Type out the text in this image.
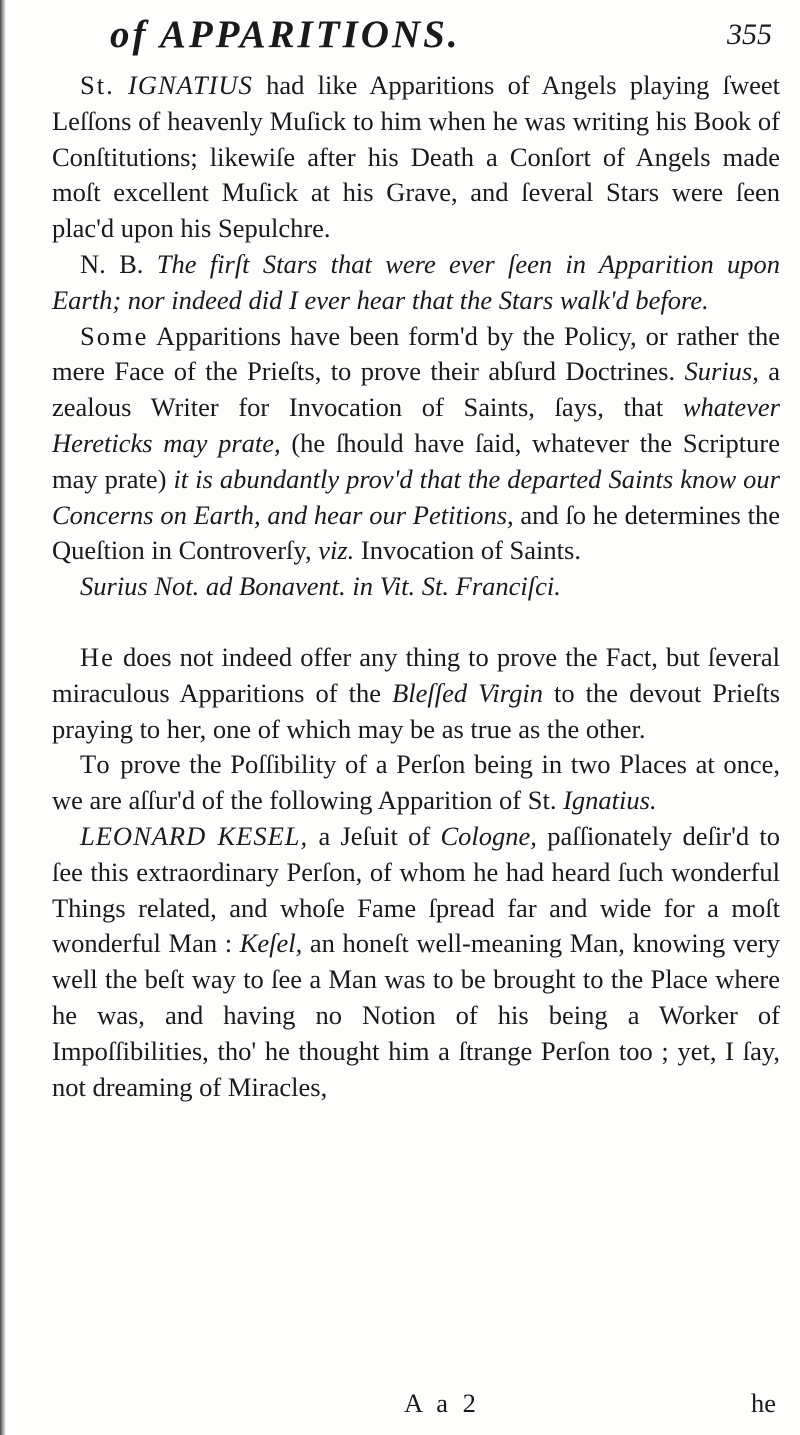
of APPARITIONS.	355

St. IGNATIUS had like Apparitions of Angels playing ſweet Leſſons of heavenly Muſick to him when he was writing his Book of Conſtitutions; likewiſe after his Death a Conſort of Angels made moſt excellent Muſick at his Grave, and ſeveral Stars were ſeen plac'd upon his Sepulchre.

N. B. The firſt Stars that were ever ſeen in Apparition upon Earth; nor indeed did I ever hear that the Stars walk'd before.

Some Apparitions have been form'd by the Policy, or rather the mere Face of the Prieſts, to prove their abſurd Doctrines. Surius, a zealous Writer for Invocation of Saints, ſays, that whatever Hereticks may prate, (he ſhould have ſaid, whatever the Scripture may prate) it is abundantly prov'd that the departed Saints know our Concerns on Earth, and hear our Petitions, and ſo he determines the Queſtion in Controverſy, viz. Invocation of Saints.

Surius Not. ad Bonavent. in Vit. St. Franciſci.

He does not indeed offer any thing to prove the Fact, but ſeveral miraculous Apparitions of the Bleſſed Virgin to the devout Prieſts praying to her, one of which may be as true as the other.

To prove the Poſſibility of a Perſon being in two Places at once, we are aſſur'd of the following Apparition of St. Ignatius.

LEONARD KESEL, a Jeſuit of Cologne, paſſionately deſir'd to ſee this extraordinary Perſon, of whom he had heard ſuch wonderful Things related, and whoſe Fame ſpread far and wide for a moſt wonderful Man : Keſel, an honeſt well-meaning Man, knowing very well the beſt way to ſee a Man was to be brought to the Place where he was, and having no Notion of his being a Worker of Impoſſibilities, tho' he thought him a ſtrange Perſon too ; yet, I ſay, not dreaming of Miracles,

A a 2	he
